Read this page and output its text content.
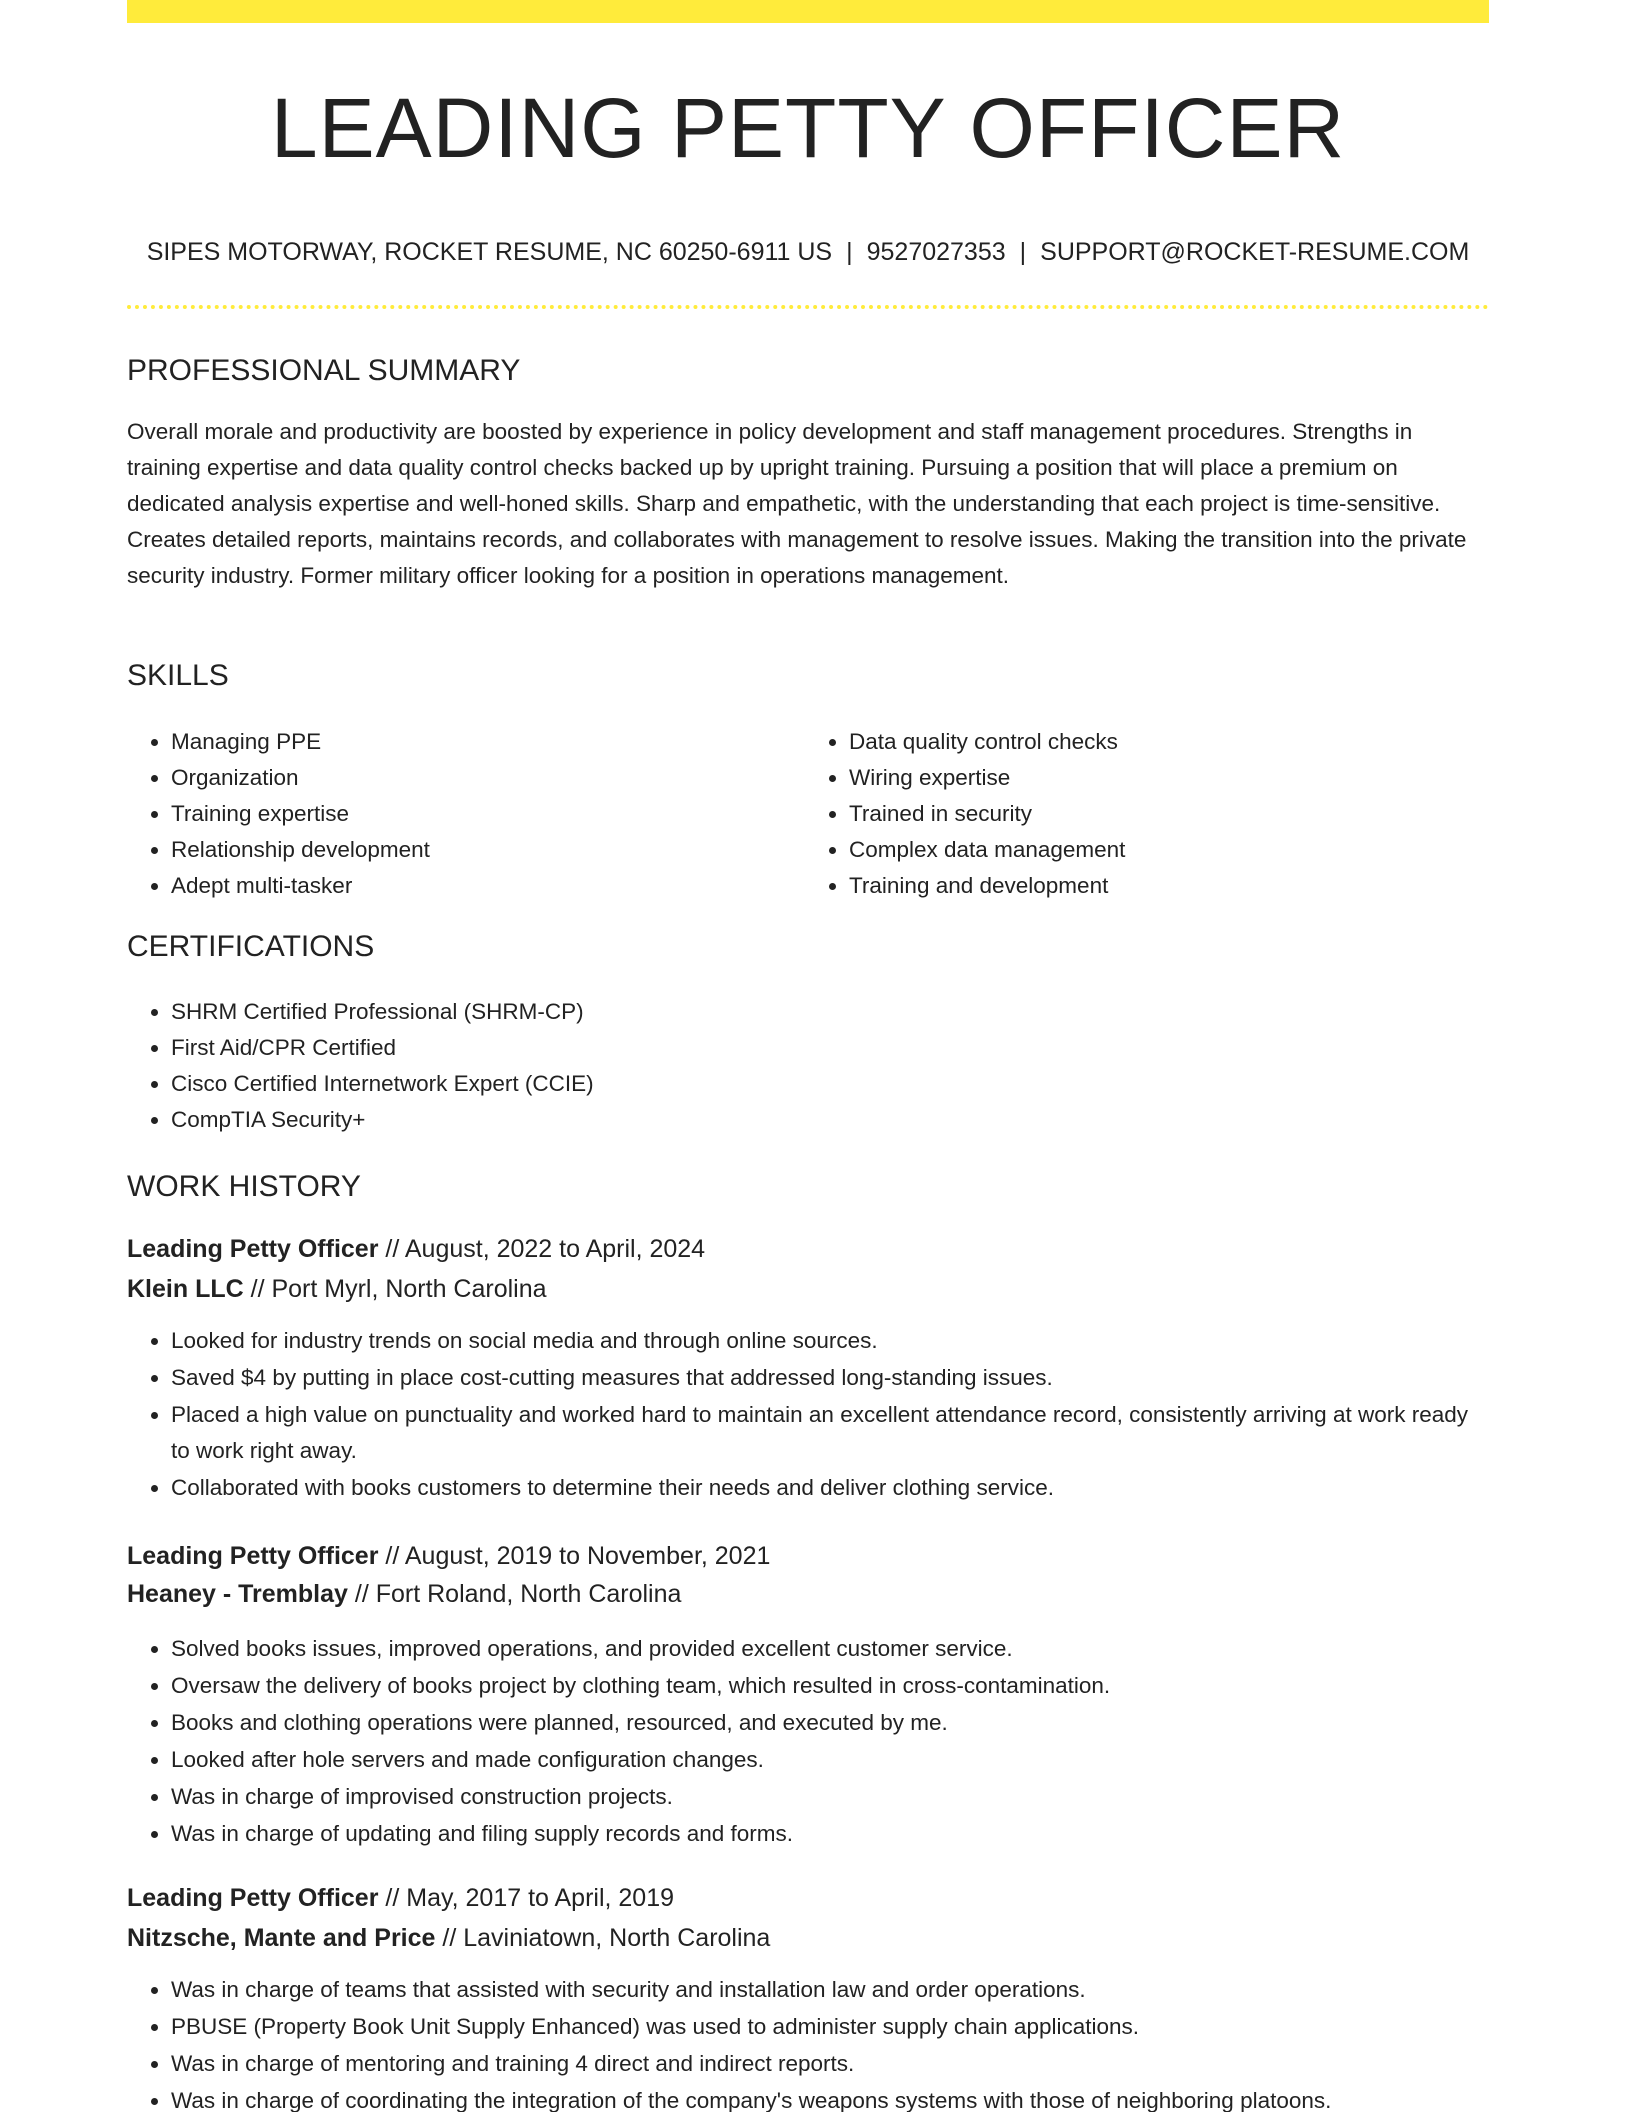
LEADING PETTY OFFICER
SIPES MOTORWAY, ROCKET RESUME, NC 60250-6911 US | 9527027353 | SUPPORT@ROCKET-RESUME.COM
PROFESSIONAL SUMMARY

Overall morale and productivity are boosted by experience in policy development and staff management procedures. Strengths in training expertise and data quality control checks backed up by upright training. Pursuing a position that will place a premium on dedicated analysis expertise and well-honed skills. Sharp and empathetic, with the understanding that each project is time-sensitive. Creates detailed reports, maintains records, and collaborates with management to resolve issues. Making the transition into the private security industry. Former military officer looking for a position in operations management.

SKILLS
• Managing PPE
• Organization
• Training expertise
• Relationship development
• Adept multi-tasker
• Data quality control checks
• Wiring expertise
• Trained in security
• Complex data management
• Training and development
CERTIFICATIONS
• SHRM Certified Professional (SHRM-CP)
• First Aid/CPR Certified
• Cisco Certified Internetwork Expert (CCIE)
• CompTIA Security+
WORK HISTORY
Leading Petty Officer // August, 2022 to April, 2024
Klein LLC // Port Myrl, North Carolina
• Looked for industry trends on social media and through online sources.
• Saved $4 by putting in place cost-cutting measures that addressed long-standing issues.
• Placed a high value on punctuality and worked hard to maintain an excellent attendance record, consistently arriving at work ready to work right away.
• Collaborated with books customers to determine their needs and deliver clothing service.
Leading Petty Officer // August, 2019 to November, 2021
Heaney - Tremblay // Fort Roland, North Carolina
• Solved books issues, improved operations, and provided excellent customer service.
• Oversaw the delivery of books project by clothing team, which resulted in cross-contamination.
• Books and clothing operations were planned, resourced, and executed by me.
• Looked after hole servers and made configuration changes.
• Was in charge of improvised construction projects.
• Was in charge of updating and filing supply records and forms.
Leading Petty Officer // May, 2017 to April, 2019
Nitzsche, Mante and Price // Laviniatown, North Carolina
• Was in charge of teams that assisted with security and installation law and order operations.
• PBUSE (Property Book Unit Supply Enhanced) was used to administer supply chain applications.
• Was in charge of mentoring and training 4 direct and indirect reports.
• Was in charge of coordinating the integration of the company's weapons systems with those of neighboring platoons.
